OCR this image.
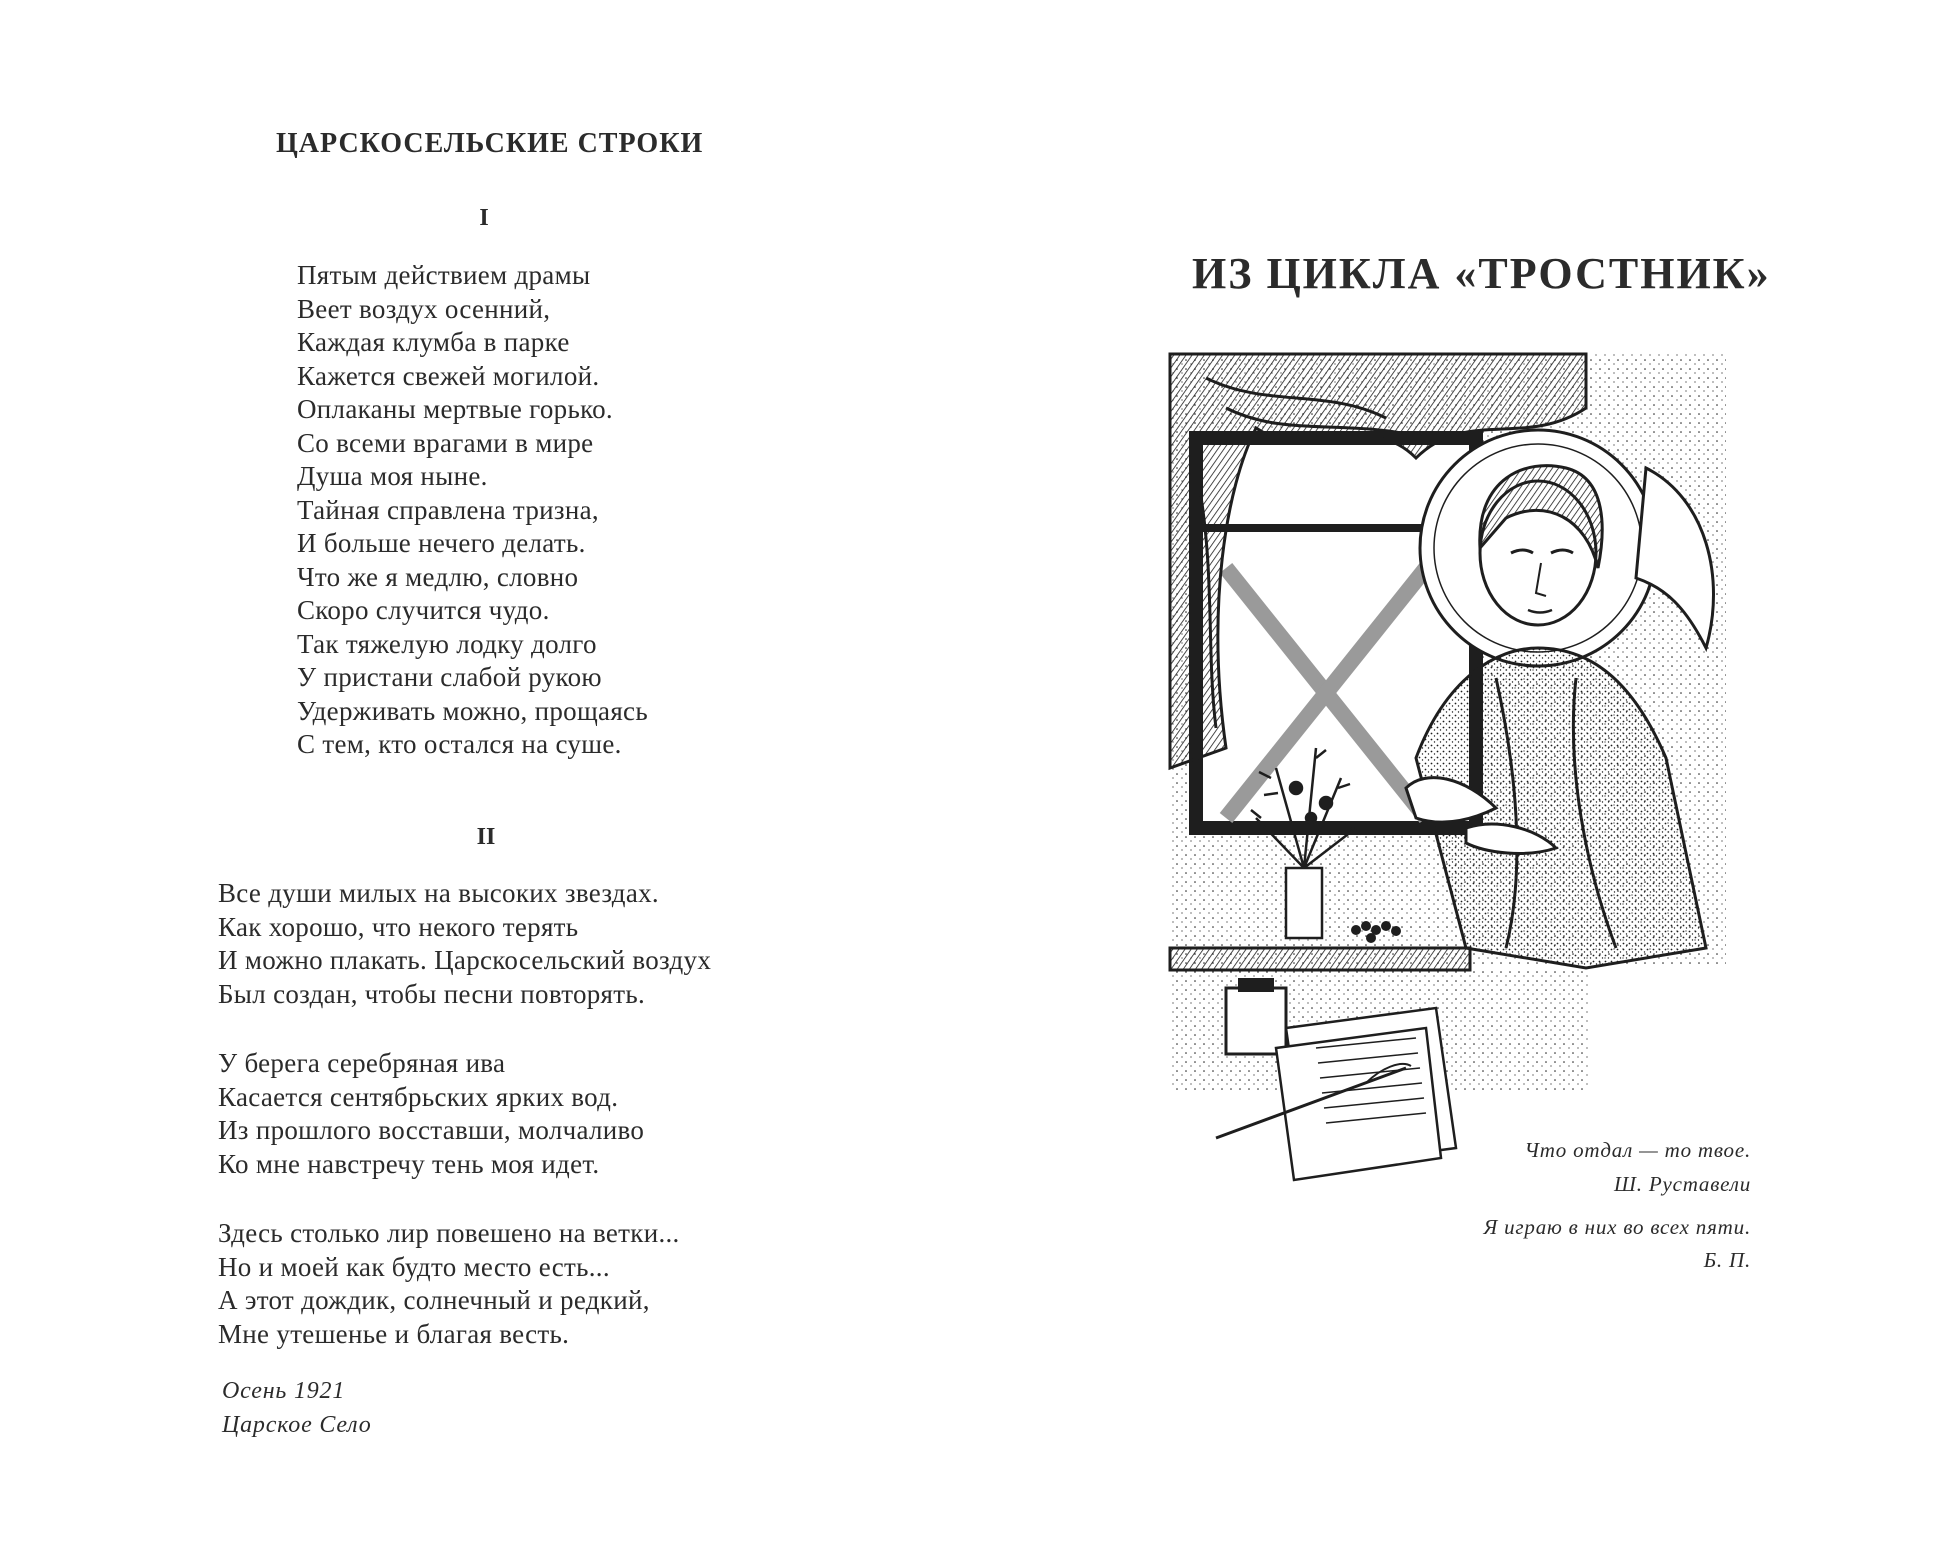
ЦАРСКОСЕЛЬСКИЕ СТРОКИ
I
Пятым действием драмы
Веет воздух осенний,
Каждая клумба в парке
Кажется свежей могилой.
Оплаканы мертвые горько.
Со всеми врагами в мире
Душа моя ныне.
Тайная справлена тризна,
И больше нечего делать.
Что же я медлю, словно
Скоро случится чудо.
Так тяжелую лодку долго
У пристани слабой рукою
Удерживать можно, прощаясь
С тем, кто остался на суше.
II
Все души милых на высоких звездах.
Как хорошо, что некого терять
И можно плакать. Царскосельский воздух
Был создан, чтобы песни повторять.
У берега серебряная ива
Касается сентябрьских ярких вод.
Из прошлого восставши, молчаливо
Ко мне навстречу тень моя идет.
Здесь столько лир повешено на ветки...
Но и моей как будто место есть...
А этот дождик, солнечный и редкий,
Мне утешенье и благая весть.
Осень 1921
Царское Село
ИЗ ЦИКЛА «ТРОСТНИК»
Что отдал — то твое.
Ш. Руставели
Я играю в них во всех пяти.
Б. П.
